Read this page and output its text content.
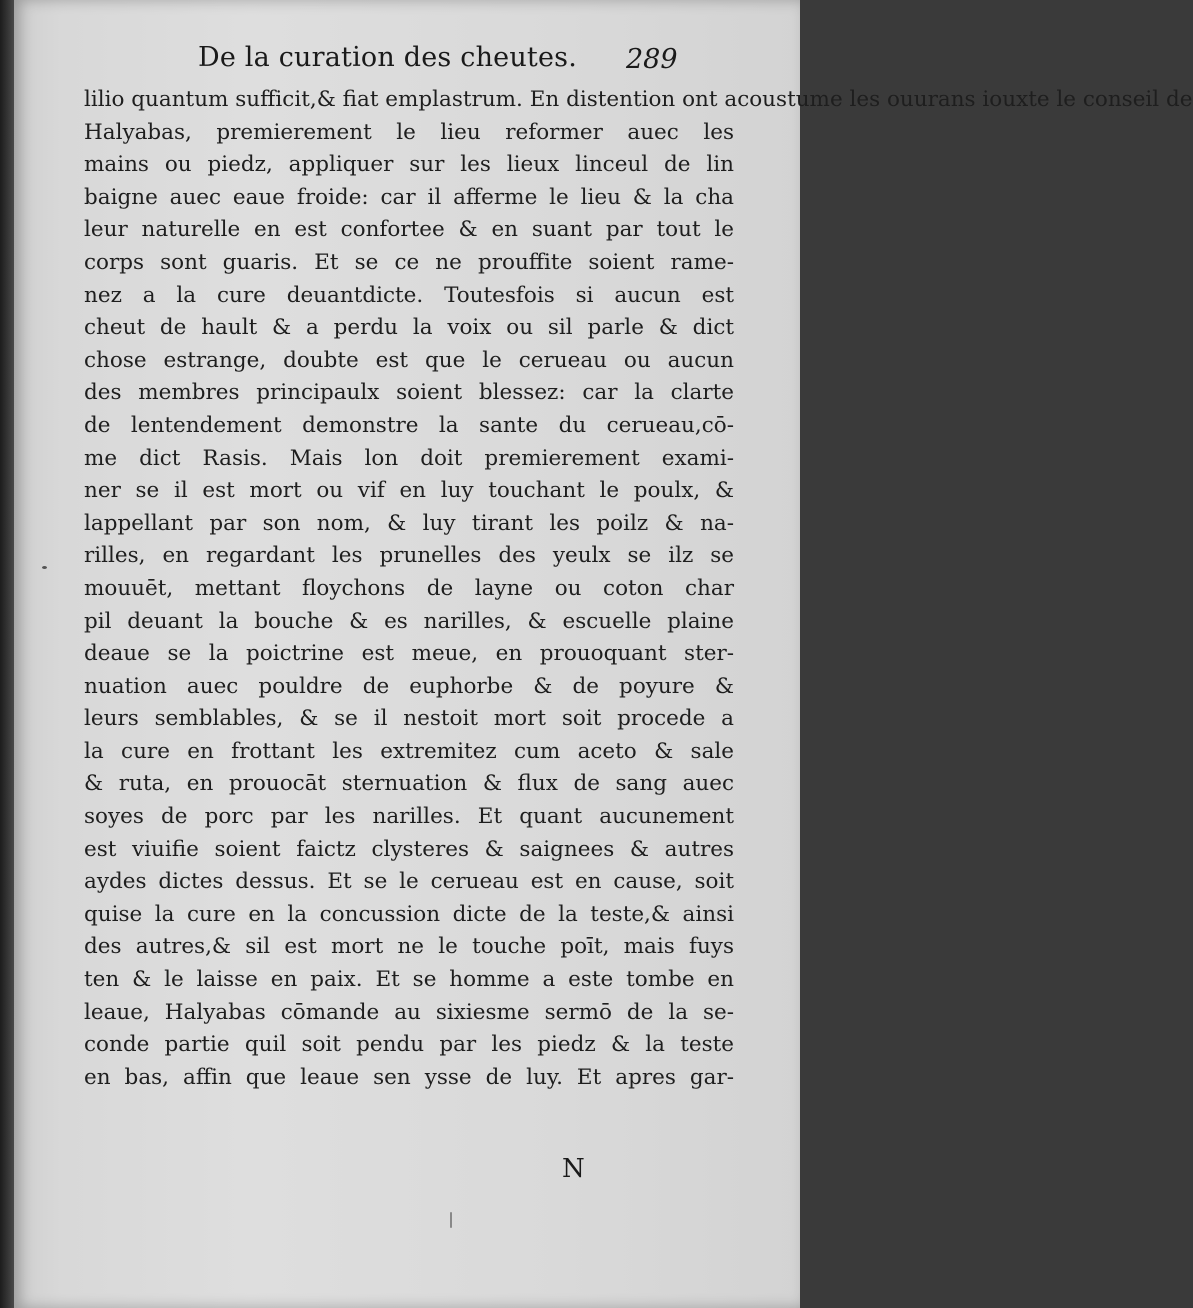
De la curation des cheutes. 289
lilio quantum sufficit,& fiat emplastrum. En distention ont acoustume les ouurans iouxte le conseil de
Halyabas, premierement le lieu reformer auec les
mains ou piedz, appliquer sur les lieux linceul de lin
baigne auec eaue froide: car il afferme le lieu & la cha
leur naturelle en est confortee & en suant par tout le
corps sont guaris. Et se ce ne prouffite soient rame-
nez a la cure deuantdicte. Toutesfois si aucun est
cheut de hault & a perdu la voix ou sil parle & dict
chose estrange, doubte est que le cerueau ou aucun
des membres principaulx soient blessez: car la clarte
de lentendement demonstre la sante du cerueau,cō-
me dict Rasis. Mais lon doit premierement exami-
ner se il est mort ou vif en luy touchant le poulx, &
lappellant par son nom, & luy tirant les poilz & na-
rilles, en regardant les prunelles des yeulx se ilz se
mouuēt, mettant floychons de layne ou coton char
pil deuant la bouche & es narilles, & escuelle plaine
deaue se la poictrine est meue, en prouoquant ster-
nuation auec pouldre de euphorbe & de poyure &
leurs semblables, & se il nestoit mort soit procede a
la cure en frottant les extremitez cum aceto & sale
& ruta, en prouocāt sternuation & flux de sang auec
soyes de porc par les narilles. Et quant aucunement
est viuifie soient faictz clysteres & saignees & autres
aydes dictes dessus. Et se le cerueau est en cause, soit
quise la cure en la concussion dicte de la teste,& ainsi
des autres,& sil est mort ne le touche poīt, mais fuys
ten & le laisse en paix. Et se homme a este tombe en
leaue, Halyabas cōmande au sixiesme sermō de la se-
conde partie quil soit pendu par les piedz & la teste
en bas, affin que leaue sen ysse de luy. Et apres gar-
N
